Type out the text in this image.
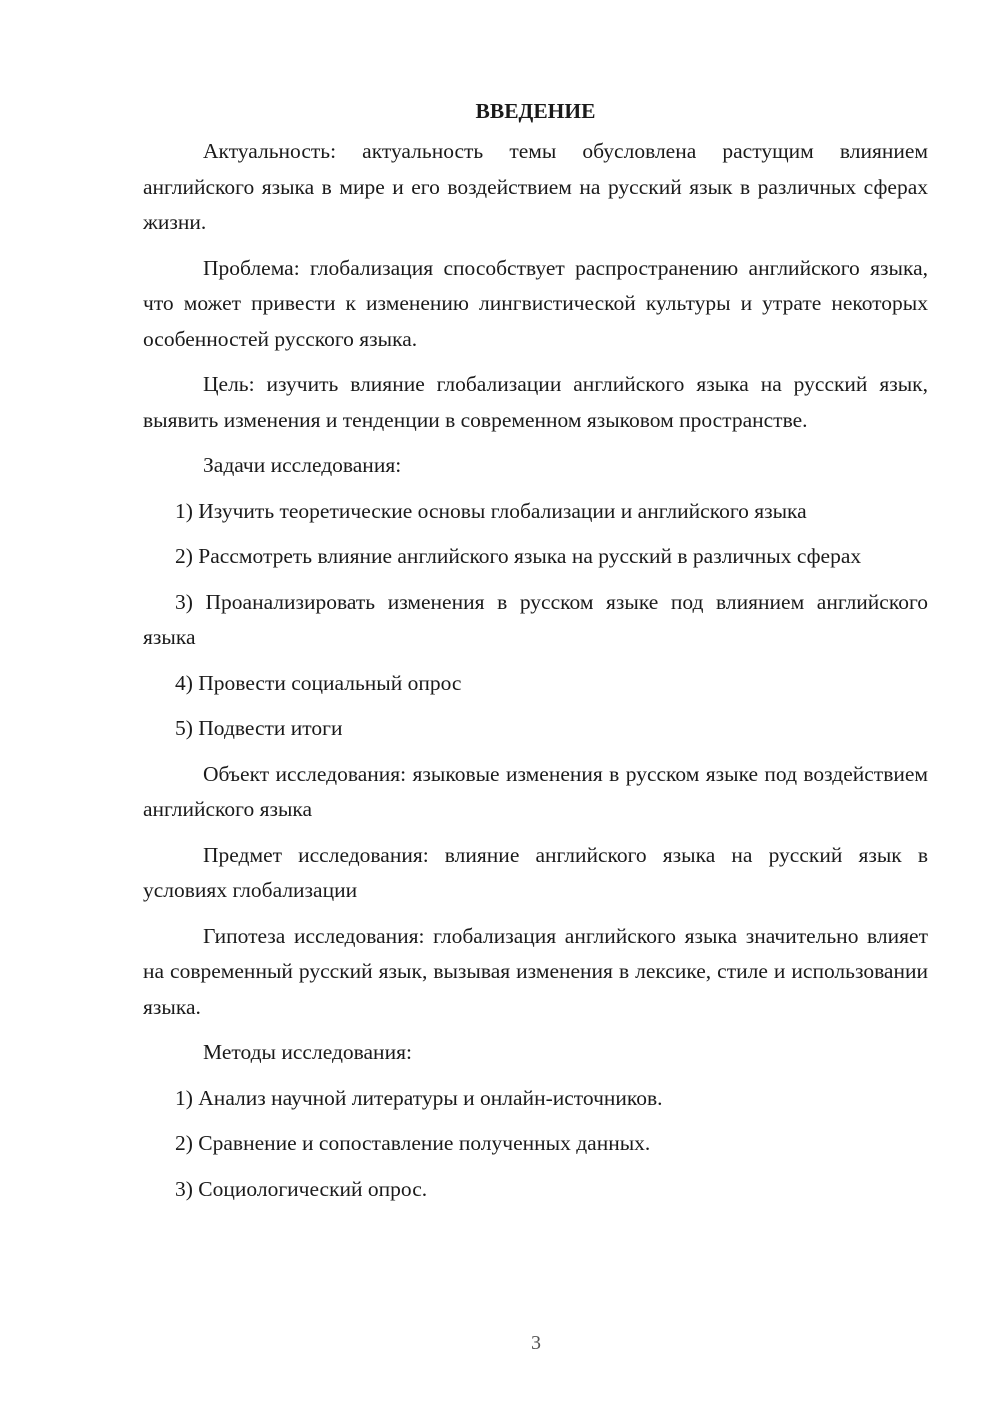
ВВЕДЕНИЕ

Актуальность: актуальность темы обусловлена растущим влиянием английского языка в мире и его воздействием на русский язык в различных сферах жизни.

Проблема: глобализация способствует распространению английского языка, что может привести к изменению лингвистической культуры и утрате некоторых особенностей русского языка.

Цель: изучить влияние глобализации английского языка на русский язык, выявить изменения и тенденции в современном языковом пространстве.

Задачи исследования:

1) Изучить теоретические основы глобализации и английского языка

2) Рассмотреть влияние английского языка на русский в различных сферах

3) Проанализировать изменения в русском языке под влиянием английского языка

4) Провести социальный опрос

5) Подвести итоги

Объект исследования: языковые изменения в русском языке под воздействием английского языка

Предмет исследования: влияние английского языка на русский язык в условиях глобализации

Гипотеза исследования: глобализация английского языка значительно влияет на современный русский язык, вызывая изменения в лексике, стиле и использовании языка.

Методы исследования:

1) Анализ научной литературы и онлайн-источников.

2) Сравнение и сопоставление полученных данных.

3) Социологический опрос.

3
